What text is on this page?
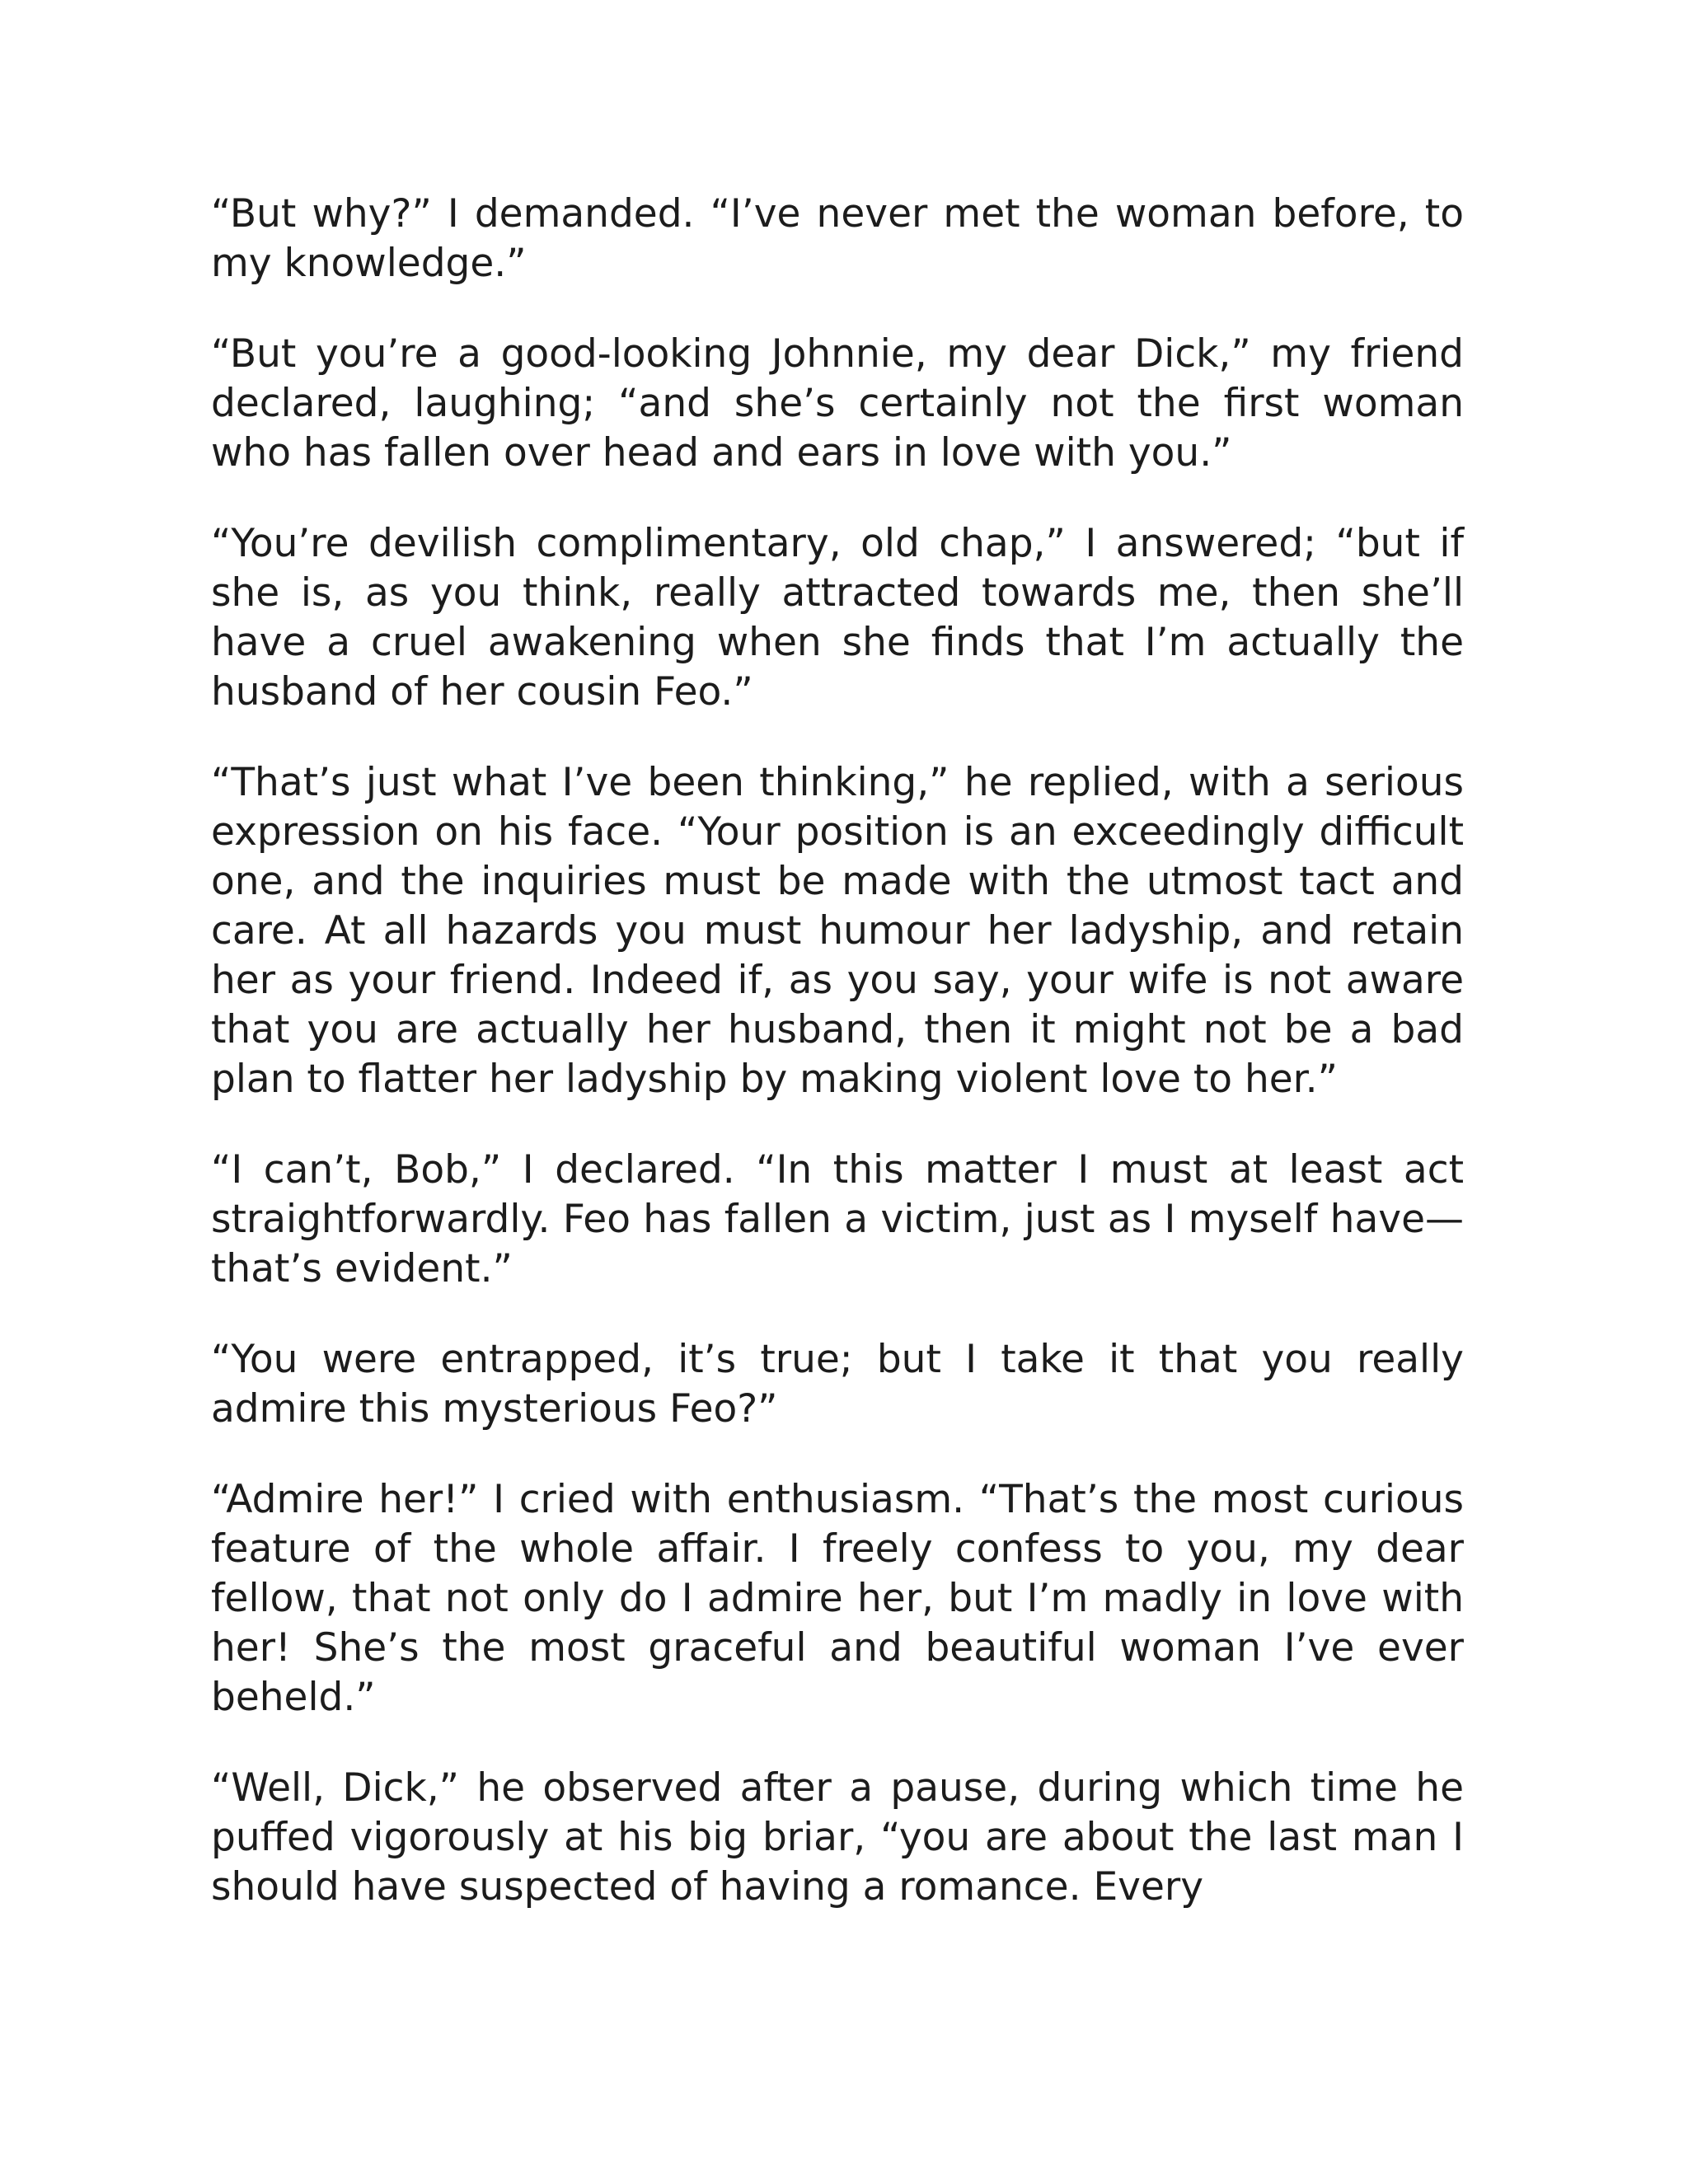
“But why?” I demanded. “I’ve never met the woman before, to my knowledge.”

“But you’re a good-looking Johnnie, my dear Dick,” my friend declared, laughing; “and she’s certainly not the first woman who has fallen over head and ears in love with you.”

“You’re devilish complimentary, old chap,” I answered; “but if she is, as you think, really attracted towards me, then she’ll have a cruel awakening when she finds that I’m actually the husband of her cousin Feo.”

“That’s just what I’ve been thinking,” he replied, with a serious expression on his face. “Your position is an exceedingly difficult one, and the inquiries must be made with the utmost tact and care. At all hazards you must humour her ladyship, and retain her as your friend. Indeed if, as you say, your wife is not aware that you are actually her husband, then it might not be a bad plan to flatter her ladyship by making violent love to her.”

“I can’t, Bob,” I declared. “In this matter I must at least act straightforwardly. Feo has fallen a victim, just as I myself have—that’s evident.”

“You were entrapped, it’s true; but I take it that you really admire this mysterious Feo?”

“Admire her!” I cried with enthusiasm. “That’s the most curious feature of the whole affair. I freely confess to you, my dear fellow, that not only do I admire her, but I’m madly in love with her! She’s the most graceful and beautiful woman I’ve ever beheld.”

“Well, Dick,” he observed after a pause, during which time he puffed vigorously at his big briar, “you are about the last man I should have suspected of having a romance. Every
